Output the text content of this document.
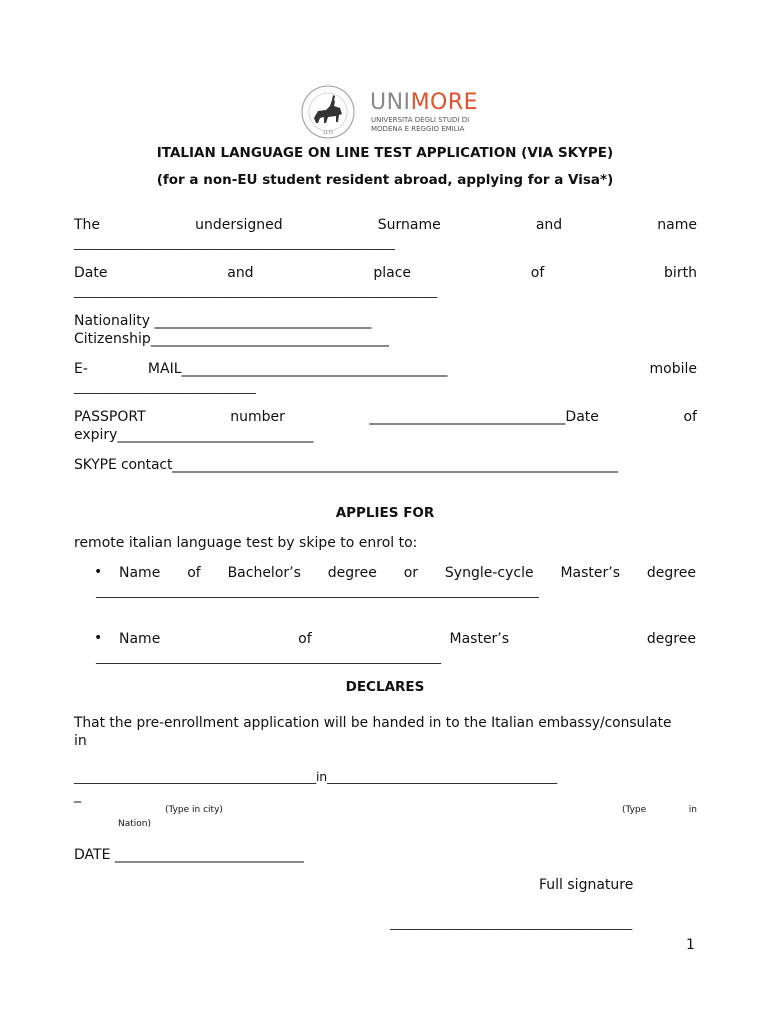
1175
UNIMORE
UNIVERSITÀ DEGLI STUDI DI
MODENA E REGGIO EMILIA
ITALIAN LANGUAGE ON LINE TEST APPLICATION (VIA SKYPE)
(for a non-EU student resident abroad, applying for a Visa*)
The	undersigned	Surname	and	name
_____________________________________________________
Date	and	place	of	birth
____________________________________________________________
Nationality _______________________________
Citizenship__________________________________
E-	MAIL______________________________________	mobile
______________________________
PASSPORT	number	____________________________Date	of
expiry____________________________
SKYPE contact_________________________________________________________________
APPLIES FOR
remote italian language test by skipe to enrol to:
• Name of Bachelor’s degree or Syngle-cycle Master’s degree
___________________________________________________________________________
• Name	of	Master’s	degree
_________________________________________________________
DECLARES
That the pre-enrollment application will be handed in to the Italian embassy/consulate
in
________________________________________in______________________________________
_
(Type in city)	(Type	in
Nation)
DATE ___________________________
Full signature
________________________________________
1
